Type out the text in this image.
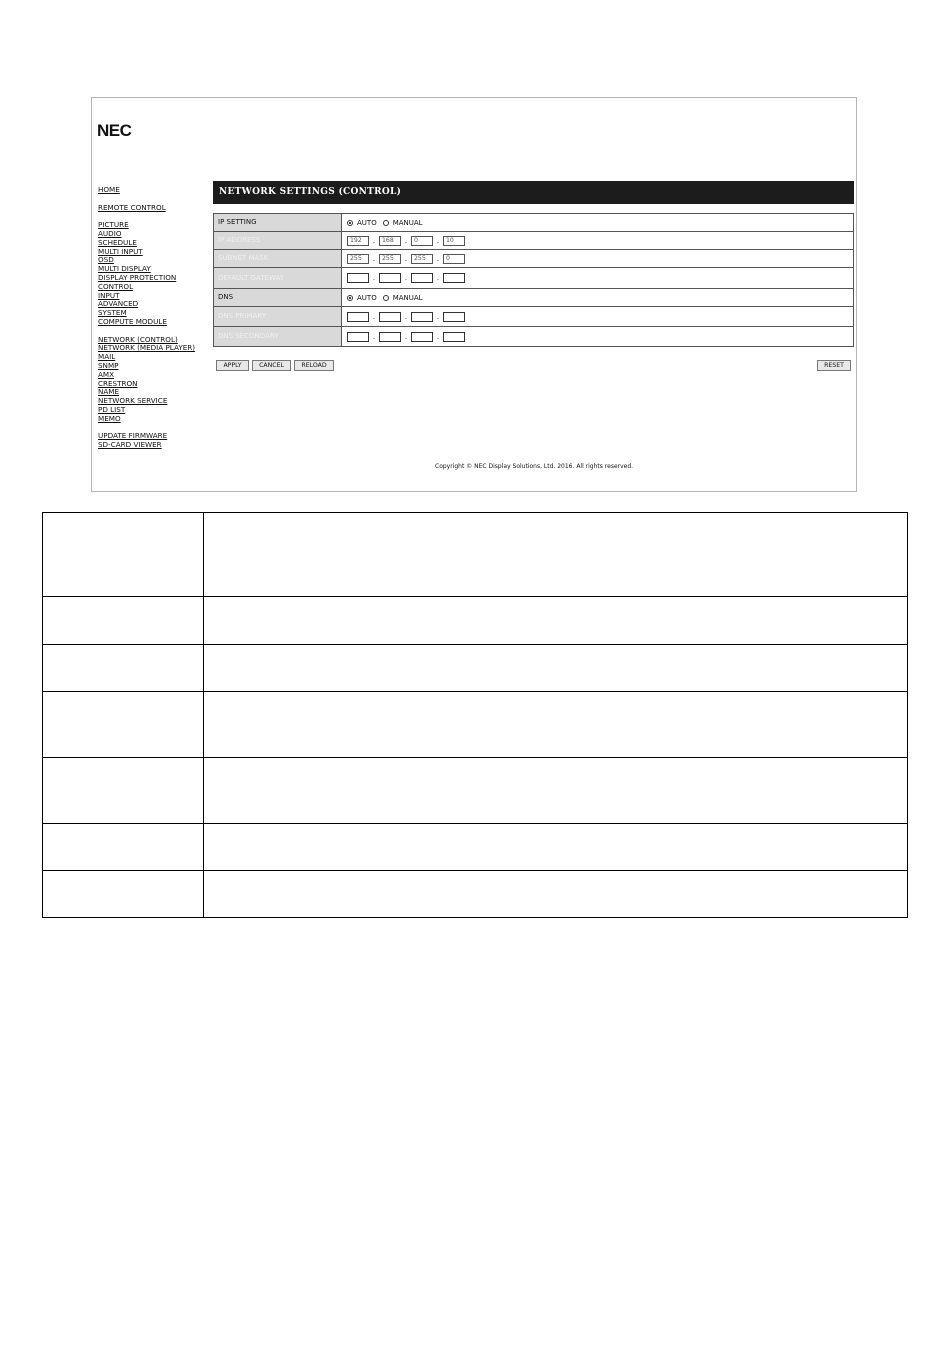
NEC
HOME
REMOTE CONTROL
PICTURE
AUDIO
SCHEDULE
MULTI INPUT
OSD
MULTI DISPLAY
DISPLAY PROTECTION
CONTROL
INPUT
ADVANCED
SYSTEM
COMPUTE MODULE
NETWORK (CONTROL)
NETWORK (MEDIA PLAYER)
MAIL
SNMP
AMX
CRESTRON
NAME
NETWORK SERVICE
PD LIST
MEMO
UPDATE FIRMWARE
SD-CARD VIEWER
NETWORK SETTINGS (CONTROL)
IP SETTING	AUTO MANUAL
IP ADDRESS	192	.	168	.	0	.	10
SUBNET MASK	255	.	255	.	255	.	0
DEFAULT GATEWAY	.	.	.
DNS	AUTO MANUAL
DNS PRIMARY	.	.	.
DNS SECONDARY	.	.	.
APPLY	CANCEL	RELOAD	RESET
Copyright © NEC Display Solutions, Ltd. 2016. All rights reserved.
